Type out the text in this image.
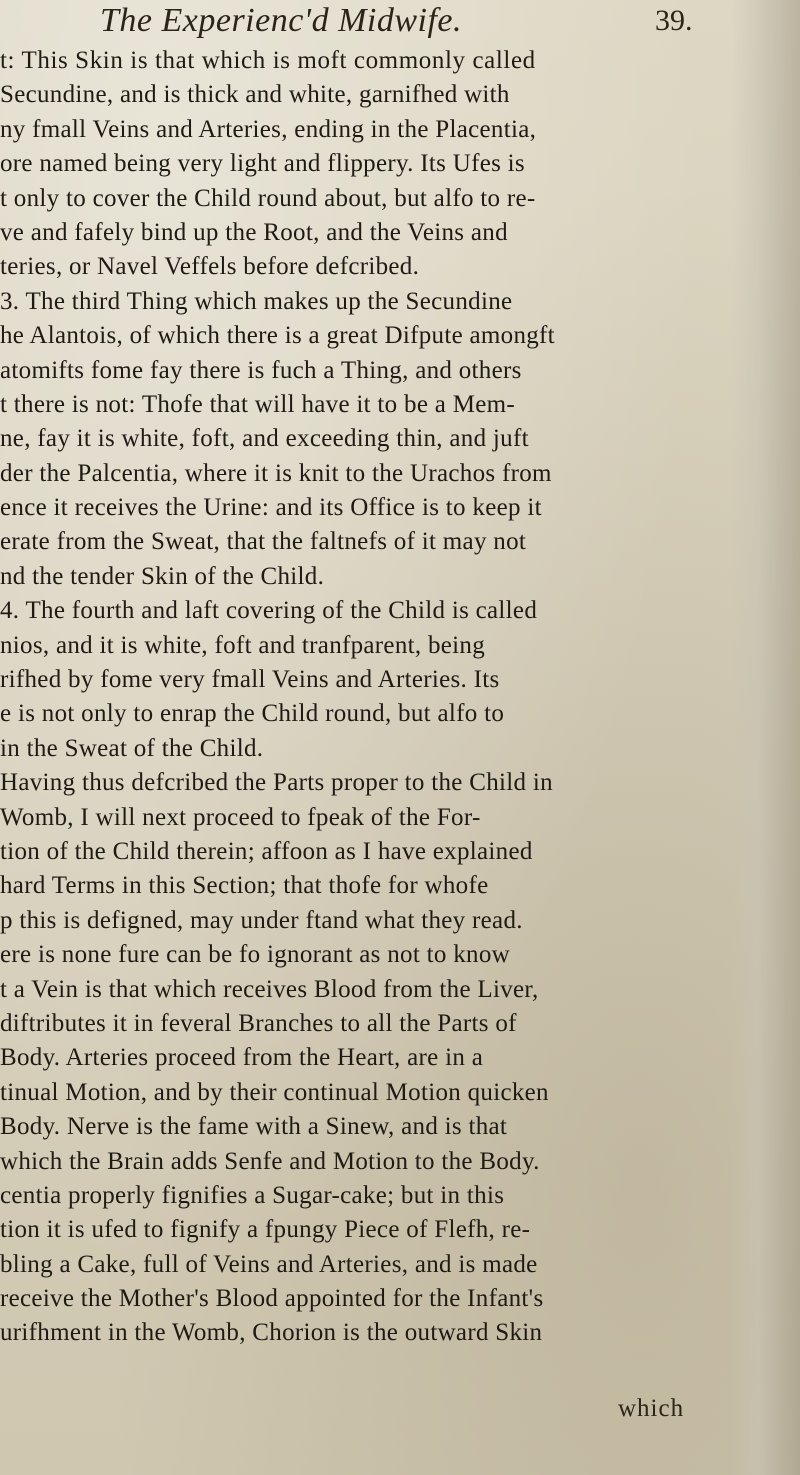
The Experienc'd Midwife.	39.
t: This Skin is that which is moft commonly called
Secundine, and is thick and white, garnifhed with
ny fmall Veins and Arteries, ending in the Placentia,
ore named being very light and flippery. Its Ufes is
t only to cover the Child round about, but alfo to re-
ve and fafely bind up the Root, and the Veins and
teries, or Navel Veffels before defcribed.
3. The third Thing which makes up the Secundine
he Alantois, of which there is a great Difpute amongft
atomifts fome fay there is fuch a Thing, and others
t there is not: Thofe that will have it to be a Mem-
ne, fay it is white, foft, and exceeding thin, and juft
der the Palcentia, where it is knit to the Urachos from
ence it receives the Urine: and its Office is to keep it
erate from the Sweat, that the faltnefs of it may not
nd the tender Skin of the Child.
4. The fourth and laft covering of the Child is called
nios, and it is white, foft and tranfparent, being
rifhed by fome very fmall Veins and Arteries. Its
e is not only to enrap the Child round, but alfo to
in the Sweat of the Child.
Having thus defcribed the Parts proper to the Child in
Womb, I will next proceed to fpeak of the For-
tion of the Child therein; affoon as I have explained
hard Terms in this Section; that thofe for whofe
p this is defigned, may under ftand what they read.
ere is none fure can be fo ignorant as not to know
t a Vein is that which receives Blood from the Liver,
diftributes it in feveral Branches to all the Parts of
Body. Arteries proceed from the Heart, are in a
tinual Motion, and by their continual Motion quicken
Body. Nerve is the fame with a Sinew, and is that
which the Brain adds Senfe and Motion to the Body.
centia properly fignifies a Sugar-cake; but in this
tion it is ufed to fignify a fpungy Piece of Flefh, re-
bling a Cake, full of Veins and Arteries, and is made
receive the Mother's Blood appointed for the Infant's
urifhment in the Womb, Chorion is the outward Skin
which
